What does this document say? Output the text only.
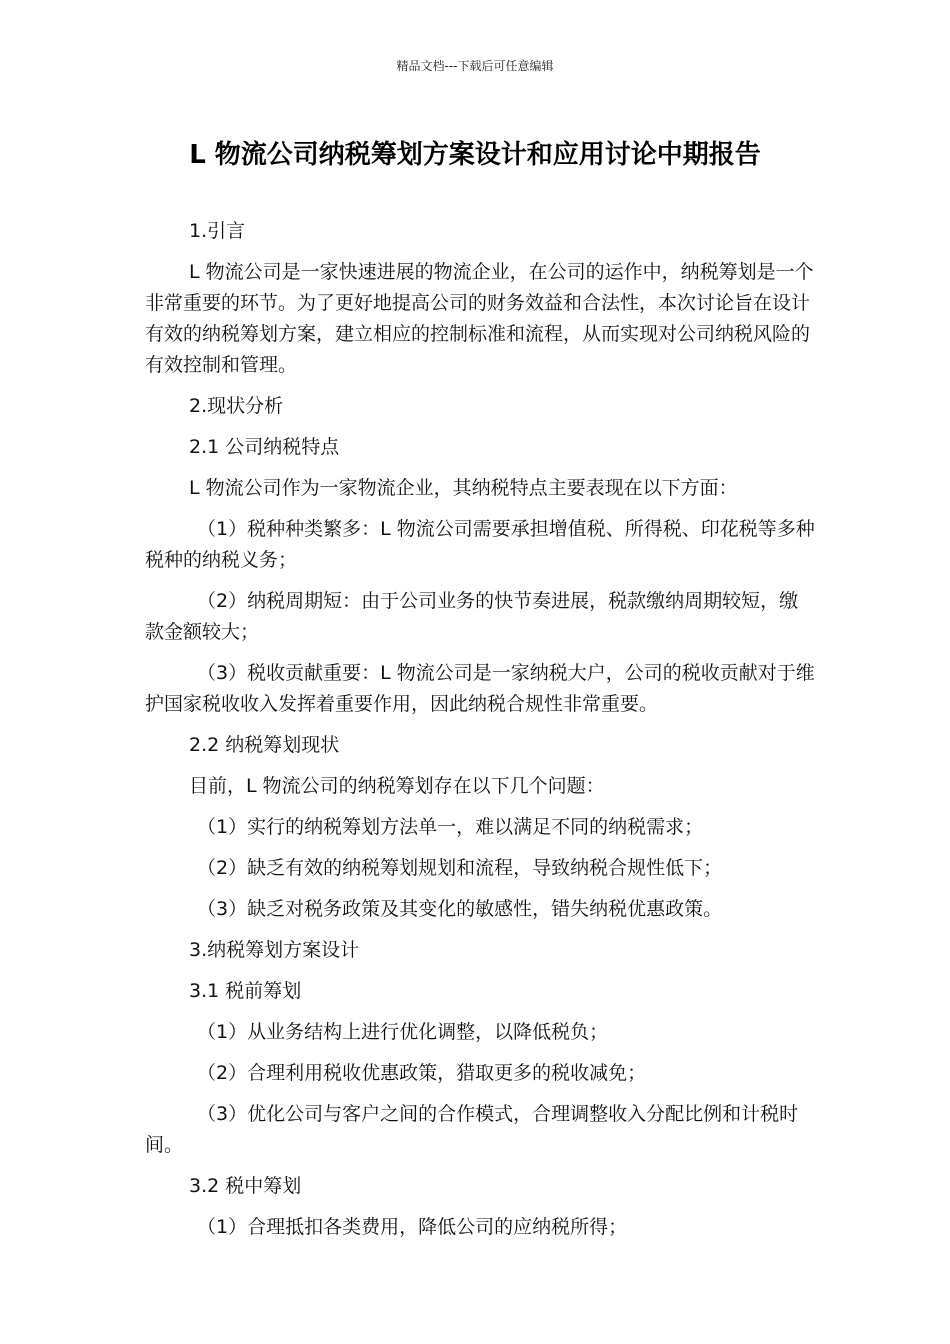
精品文档---下载后可任意编辑
L 物流公司纳税筹划方案设计和应用讨论中期报告

1.引言

L 物流公司是一家快速进展的物流企业，在公司的运作中，纳税筹划是一个非常重要的环节。为了更好地提高公司的财务效益和合法性，本次讨论旨在设计有效的纳税筹划方案，建立相应的控制标准和流程，从而实现对公司纳税风险的有效控制和管理。

2.现状分析

2.1 公司纳税特点

L 物流公司作为一家物流企业，其纳税特点主要表现在以下方面：

（1）税种种类繁多：L 物流公司需要承担增值税、所得税、印花税等多种税种的纳税义务；

（2）纳税周期短：由于公司业务的快节奏进展，税款缴纳周期较短，缴款金额较大；

（3）税收贡献重要：L 物流公司是一家纳税大户，公司的税收贡献对于维护国家税收收入发挥着重要作用，因此纳税合规性非常重要。

2.2 纳税筹划现状

目前，L 物流公司的纳税筹划存在以下几个问题：

（1）实行的纳税筹划方法单一，难以满足不同的纳税需求；

（2）缺乏有效的纳税筹划规划和流程，导致纳税合规性低下；

（3）缺乏对税务政策及其变化的敏感性，错失纳税优惠政策。

3.纳税筹划方案设计

3.1 税前筹划

（1）从业务结构上进行优化调整，以降低税负；

（2）合理利用税收优惠政策，猎取更多的税收减免；

（3）优化公司与客户之间的合作模式，合理调整收入分配比例和计税时间。

3.2 税中筹划

（1）合理抵扣各类费用，降低公司的应纳税所得；
